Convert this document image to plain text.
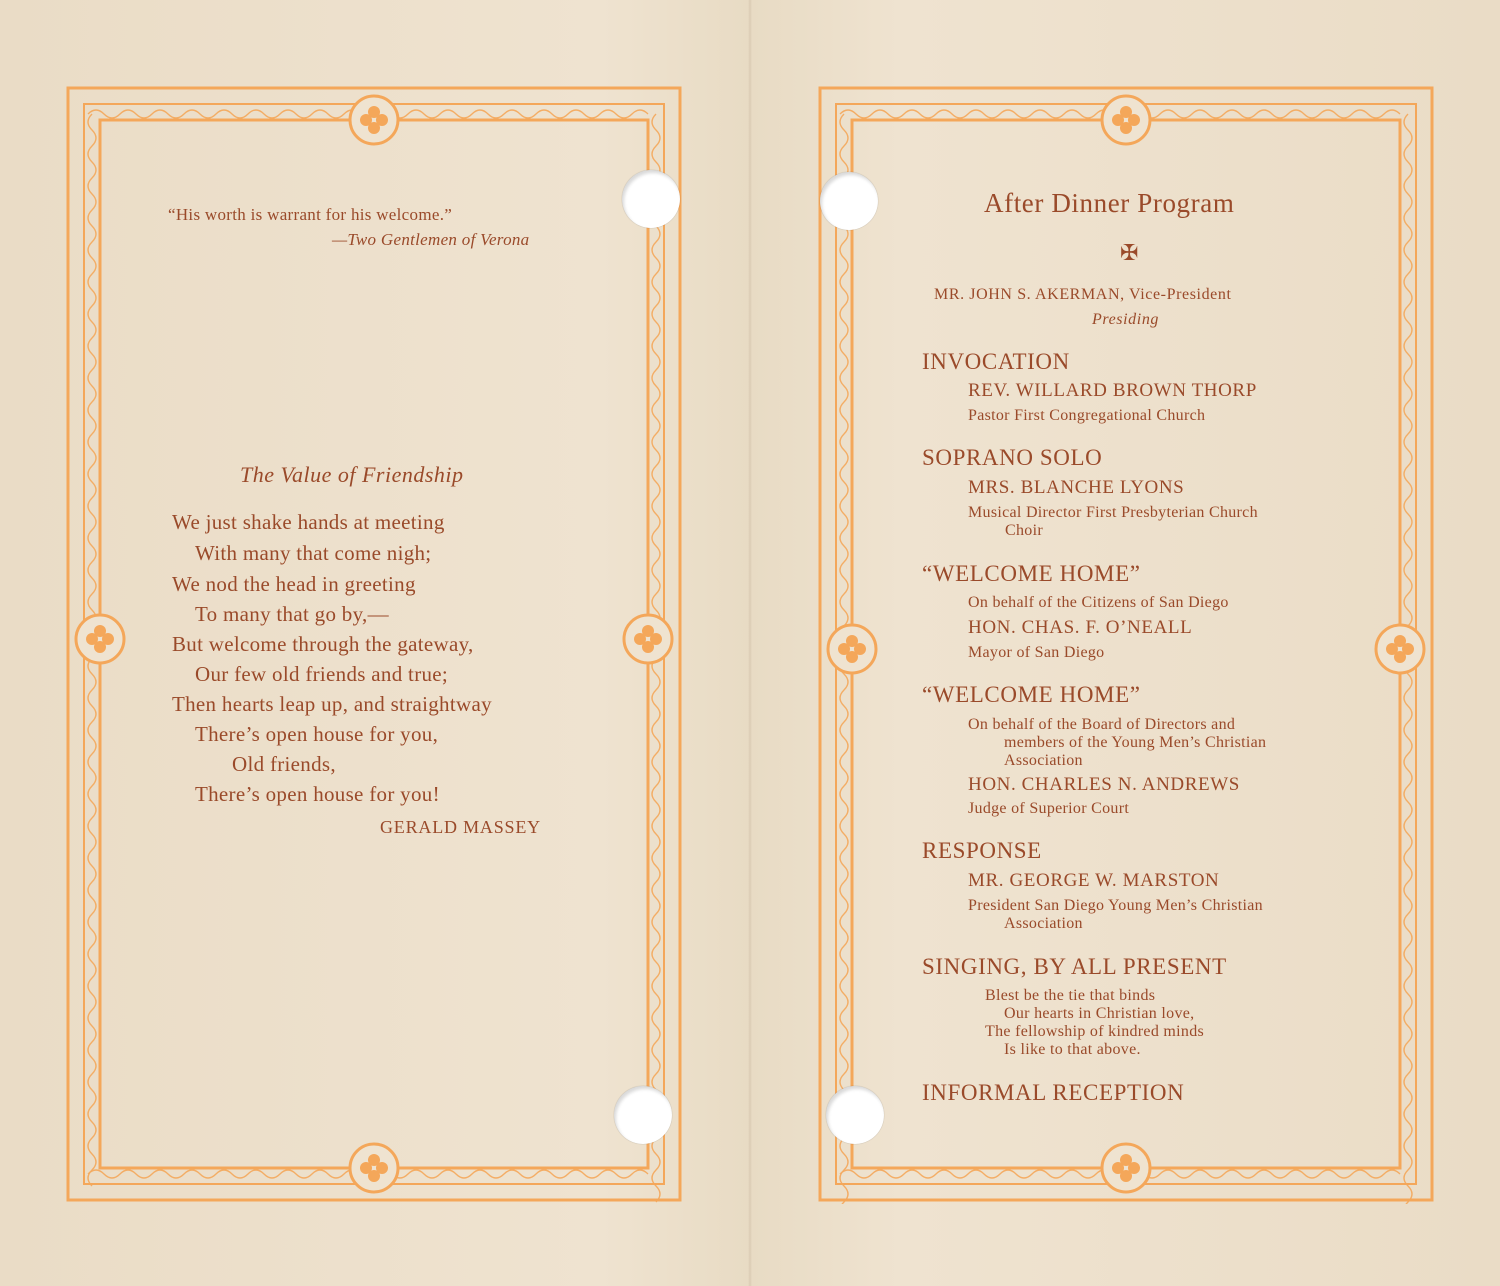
“His worth is warrant for his welcome.”

—Two Gentlemen of Verona

The Value of Friendship

We just shake hands at meeting

With many that come nigh;

We nod the head in greeting

To many that go by,—

But welcome through the gateway,

Our few old friends and true;

Then hearts leap up, and straightway

There’s open house for you,

Old friends,

There’s open house for you!

GERALD MASSEY

After Dinner Program

✠

MR. JOHN S. AKERMAN, Vice-President

Presiding

INVOCATION

REV. WILLARD BROWN THORP

Pastor First Congregational Church

SOPRANO SOLO

MRS. BLANCHE LYONS

Musical Director First Presbyterian Church

Choir

“WELCOME HOME”

On behalf of the Citizens of San Diego

HON. CHAS. F. O’NEALL

Mayor of San Diego

“WELCOME HOME”

On behalf of the Board of Directors and

members of the Young Men’s Christian

Association

HON. CHARLES N. ANDREWS

Judge of Superior Court

RESPONSE

MR. GEORGE W. MARSTON

President San Diego Young Men’s Christian

Association

SINGING, BY ALL PRESENT

Blest be the tie that binds

Our hearts in Christian love,

The fellowship of kindred minds

Is like to that above.

INFORMAL RECEPTION
